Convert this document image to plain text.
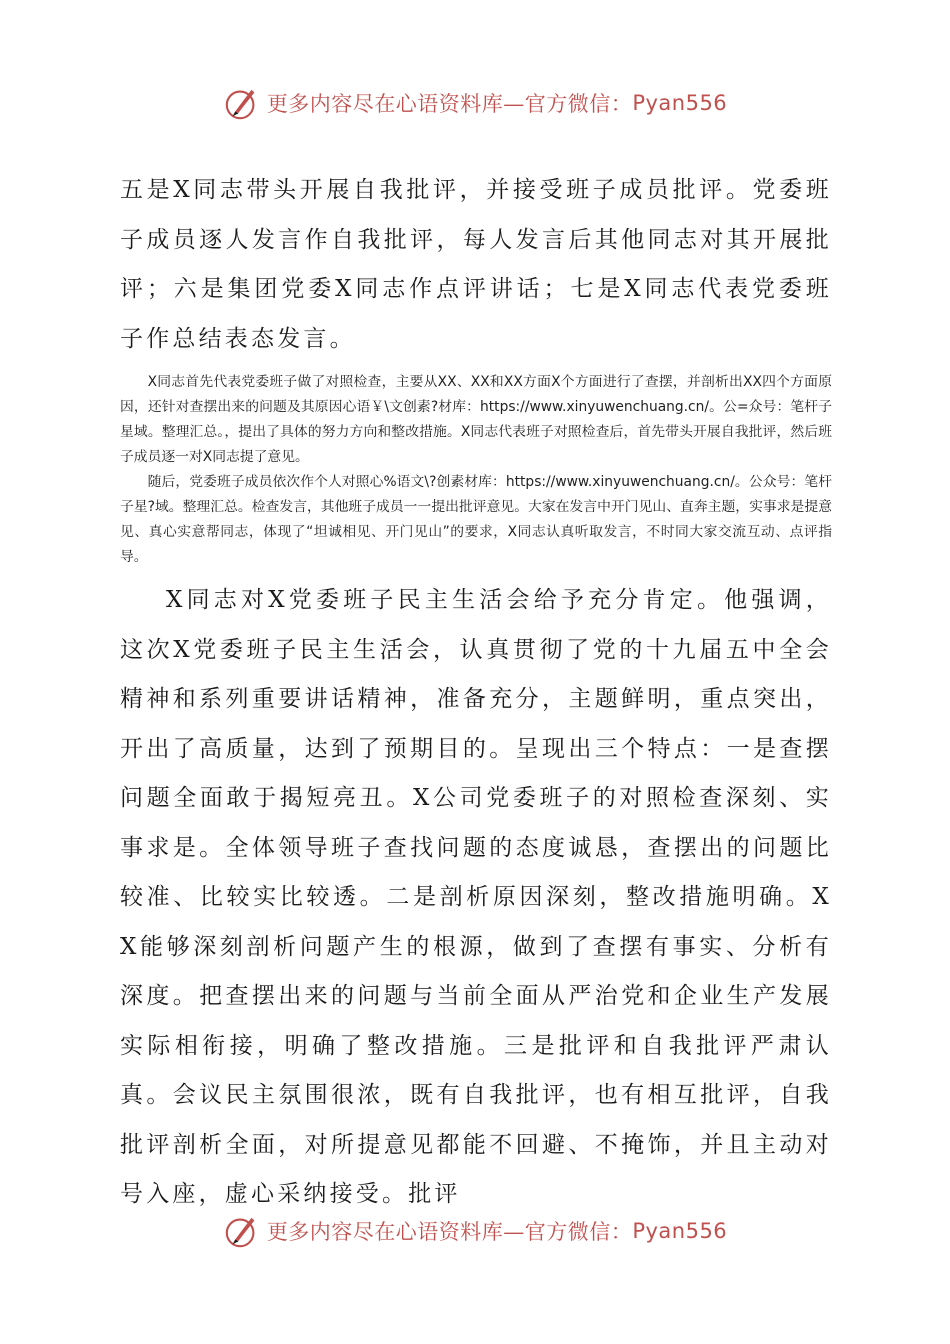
更多内容尽在心语资料库—官方微信： Pyan556

五是X同志带头开展自我批评，并接受班子成员批评。党委班子成员逐人发言作自我批评，每人发言后其他同志对其开展批评；六是集团党委X同志作点评讲话；七是X同志代表党委班子作总结表态发言。

X同志首先代表党委班子做了对照检查，主要从XX、XX和XX方面X个方面进行了查摆，并剖析出XX四个方面原因，还针对查摆出来的问题及其原因心语￥\文创素?材库：https://www.xinyuwenchuang.cn/。公=众号：笔杆子星域。整理汇总。，提出了具体的努力方向和整改措施。X同志代表班子对照检查后，首先带头开展自我批评，然后班子成员逐一对X同志提了意见。

随后，党委班子成员依次作个人对照心%语文\?创素材库：https://www.xinyuwenchuang.cn/。公众号：笔杆子星?域。整理汇总。检查发言，其他班子成员一一提出批评意见。大家在发言中开门见山、直奔主题，实事求是提意见、真心实意帮同志，体现了“坦诚相见、开门见山”的要求，X同志认真听取发言，不时同大家交流互动、点评指导。

X同志对X党委班子民主生活会给予充分肯定。他强调，这次X党委班子民主生活会，认真贯彻了党的十九届五中全会精神和系列重要讲话精神，准备充分，主题鲜明，重点突出，开出了高质量，达到了预期目的。呈现出三个特点：一是查摆问题全面敢于揭短亮丑。X公司党委班子的对照检查深刻、实事求是。全体领导班子查找问题的态度诚恳，查摆出的问题比较准、比较实比较透。二是剖析原因深刻，整改措施明确。XX能够深刻剖析问题产生的根源，做到了查摆有事实、分析有深度。把查摆出来的问题与当前全面从严治党和企业生产发展实际相衔接，明确了整改措施。三是批评和自我批评严肃认真。会议民主氛围很浓，既有自我批评，也有相互批评，自我批评剖析全面，对所提意见都能不回避、不掩饰，并且主动对号入座，虚心采纳接受。批评

更多内容尽在心语资料库—官方微信： Pyan556
